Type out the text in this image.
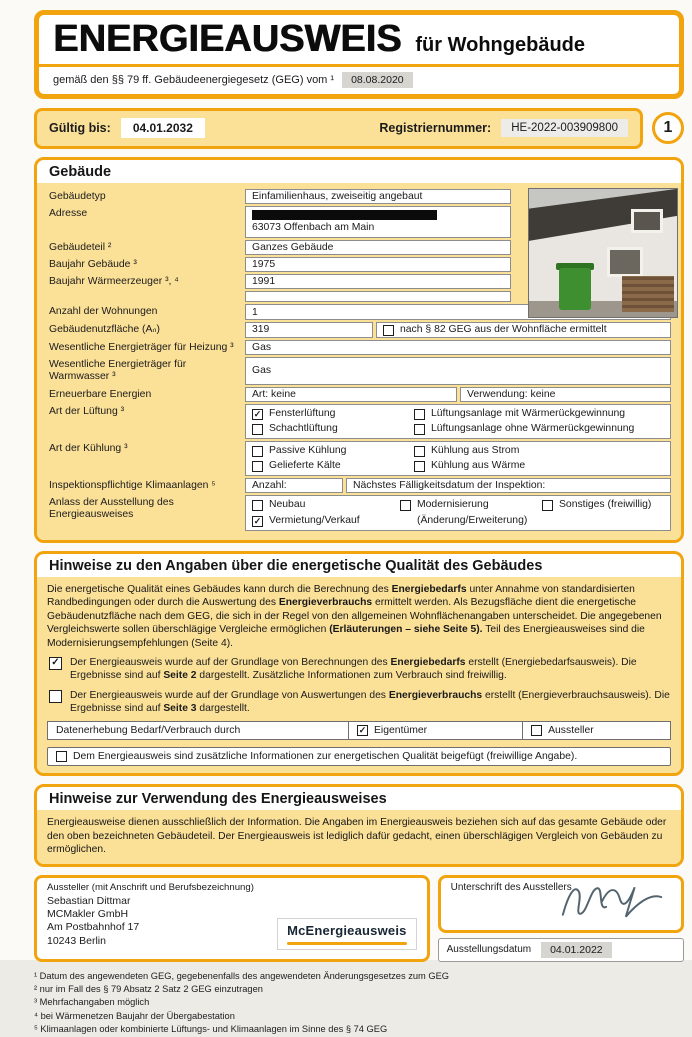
ENERGIEAUSWEIS für Wohngebäude
gemäß den §§ 79 ff. Gebäudeenergiegesetz (GEG) vom ¹	08.08.2020
Gültig bis:	04.01.2032	Registriernummer:	HE-2022-003909800	1
Gebäude
Gebäudetyp	Einfamilienhaus, zweiseitig angebaut
Adresse
63073 Offenbach am Main
Gebäudeteil ²	Ganzes Gebäude
Baujahr Gebäude ³	1975
Baujahr Wärmeerzeuger ³, ⁴	1991
Anzahl der Wohnungen	1
Gebäudenutzfläche (Aₙ)	319	nach § 82 GEG aus der Wohnfläche ermittelt
Wesentliche Energieträger für Heizung ³	Gas
Wesentliche Energieträger für Warmwasser ³
Gas
Erneuerbare Energien	Art: keine	Verwendung: keine
Art der Lüftung ³	✓ Fensterlüftung	Lüftungsanlage mit Wärmerückgewinnung
Schachtlüftung	Lüftungsanlage ohne Wärmerückgewinnung
Art der Kühlung ³	Passive Kühlung	Kühlung aus Strom
Gelieferte Kälte	Kühlung aus Wärme
Inspektionspflichtige Klimaanlagen ⁵	Anzahl:	Nächstes Fälligkeitsdatum der Inspektion:
Anlass der Ausstellung des Energieausweises
Neubau	Modernisierung	Sonstiges (freiwillig)
✓ Vermietung/Verkauf	(Änderung/Erweiterung)
Hinweise zu den Angaben über die energetische Qualität des Gebäudes

Die energetische Qualität eines Gebäudes kann durch die Berechnung des Energiebedarfs unter Annahme von standardisierten Randbedingungen oder durch die Auswertung des Energieverbrauchs ermittelt werden. Als Bezugsfläche dient die energetische Gebäudenutzfläche nach dem GEG, die sich in der Regel von den allgemeinen Wohnflächenangaben unterscheidet. Die angegebenen Vergleichswerte sollen überschlägige Vergleiche ermöglichen (Erläuterungen – siehe Seite 5). Teil des Energieausweises sind die Modernisierungsempfehlungen (Seite 4).

✓ Der Energieausweis wurde auf der Grundlage von Berechnungen des Energiebedarfs erstellt (Energiebedarfsausweis). Die Ergebnisse sind auf Seite 2 dargestellt. Zusätzliche Informationen zum Verbrauch sind freiwillig.

Der Energieausweis wurde auf der Grundlage von Auswertungen des Energieverbrauchs erstellt (Energieverbrauchsausweis). Die Ergebnisse sind auf Seite 3 dargestellt.

Datenerhebung Bedarf/Verbrauch durch	✓ Eigentümer	Aussteller
Dem Energieausweis sind zusätzliche Informationen zur energetischen Qualität beigefügt (freiwillige Angabe).
Hinweise zur Verwendung des Energieausweises

Energieausweise dienen ausschließlich der Information. Die Angaben im Energieausweis beziehen sich auf das gesamte Gebäude oder den oben bezeichneten Gebäudeteil. Der Energieausweis ist lediglich dafür gedacht, einen überschlägigen Vergleich von Gebäuden zu ermöglichen.

Aussteller (mit Anschrift und Berufsbezeichnung)
Sebastian Dittmar
MCMakler GmbH
Am Postbahnhof 17
10243 Berlin
McEnergieausweis
Unterschrift des Ausstellers
Ausstellungsdatum	04.01.2022
¹ Datum des angewendeten GEG, gegebenenfalls des angewendeten Änderungsgesetzes zum GEG
² nur im Fall des § 79 Absatz 2 Satz 2 GEG einzutragen
³ Mehrfachangaben möglich
⁴ bei Wärmenetzen Baujahr der Übergabestation
⁵ Klimaanlagen oder kombinierte Lüftungs- und Klimaanlagen im Sinne des § 74 GEG
